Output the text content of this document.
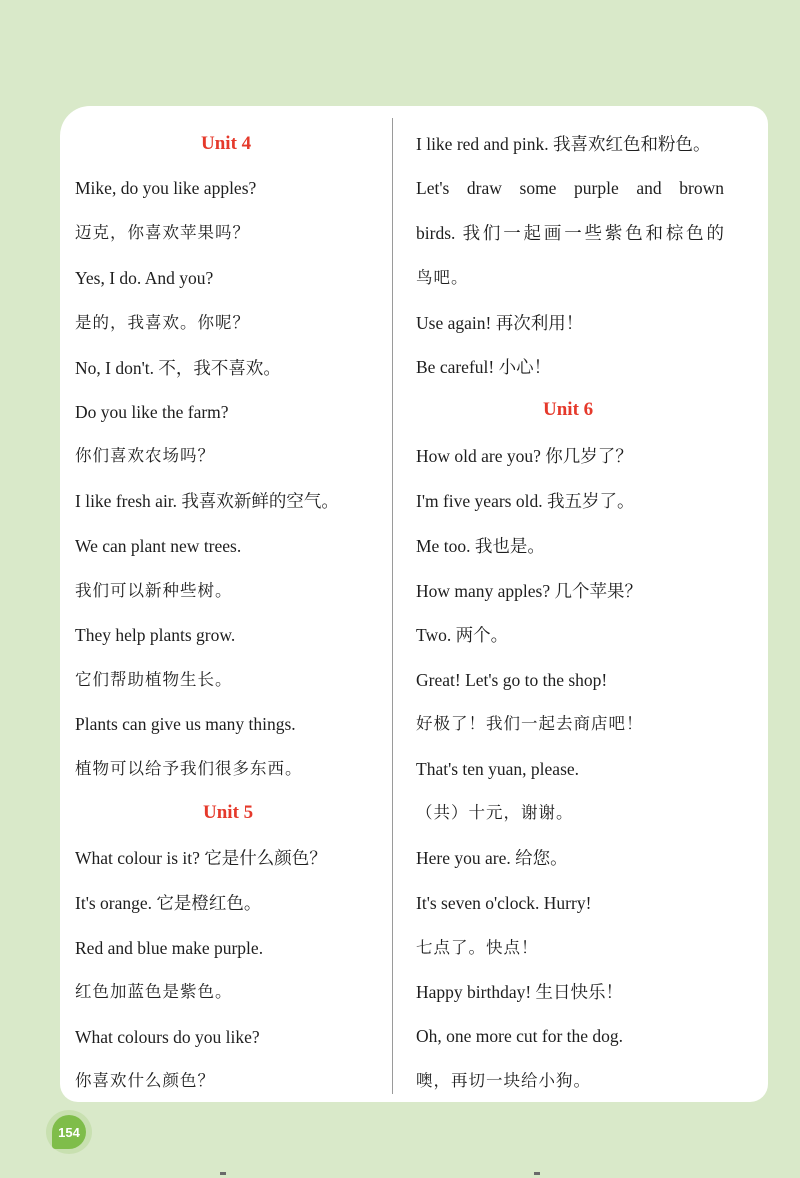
Unit 4
Mike, do you like apples?
迈克，你喜欢苹果吗？
Yes, I do. And you?
是的，我喜欢。你呢？
No, I don't. 不，我不喜欢。
Do you like the farm?
你们喜欢农场吗？
I like fresh air. 我喜欢新鲜的空气。
We can plant new trees.
我们可以新种些树。
They help plants grow.
它们帮助植物生长。
Plants can give us many things.
植物可以给予我们很多东西。
Unit 5
What colour is it? 它是什么颜色？
It's orange. 它是橙红色。
Red and blue make purple.
红色加蓝色是紫色。
What colours do you like?
你喜欢什么颜色？
I like red and pink. 我喜欢红色和粉色。
Let's draw some purple and brown
birds. 我们一起画一些紫色和棕色的
鸟吧。
Use again! 再次利用！
Be careful! 小心！
Unit 6
How old are you? 你几岁了？
I'm five years old. 我五岁了。
Me too. 我也是。
How many apples? 几个苹果？
Two. 两个。
Great! Let's go to the shop!
好极了！我们一起去商店吧！
That's ten yuan, please.
（共）十元，谢谢。
Here you are. 给您。
It's seven o'clock. Hurry!
七点了。快点！
Happy birthday! 生日快乐！
Oh, one more cut for the dog.
噢，再切一块给小狗。
154
